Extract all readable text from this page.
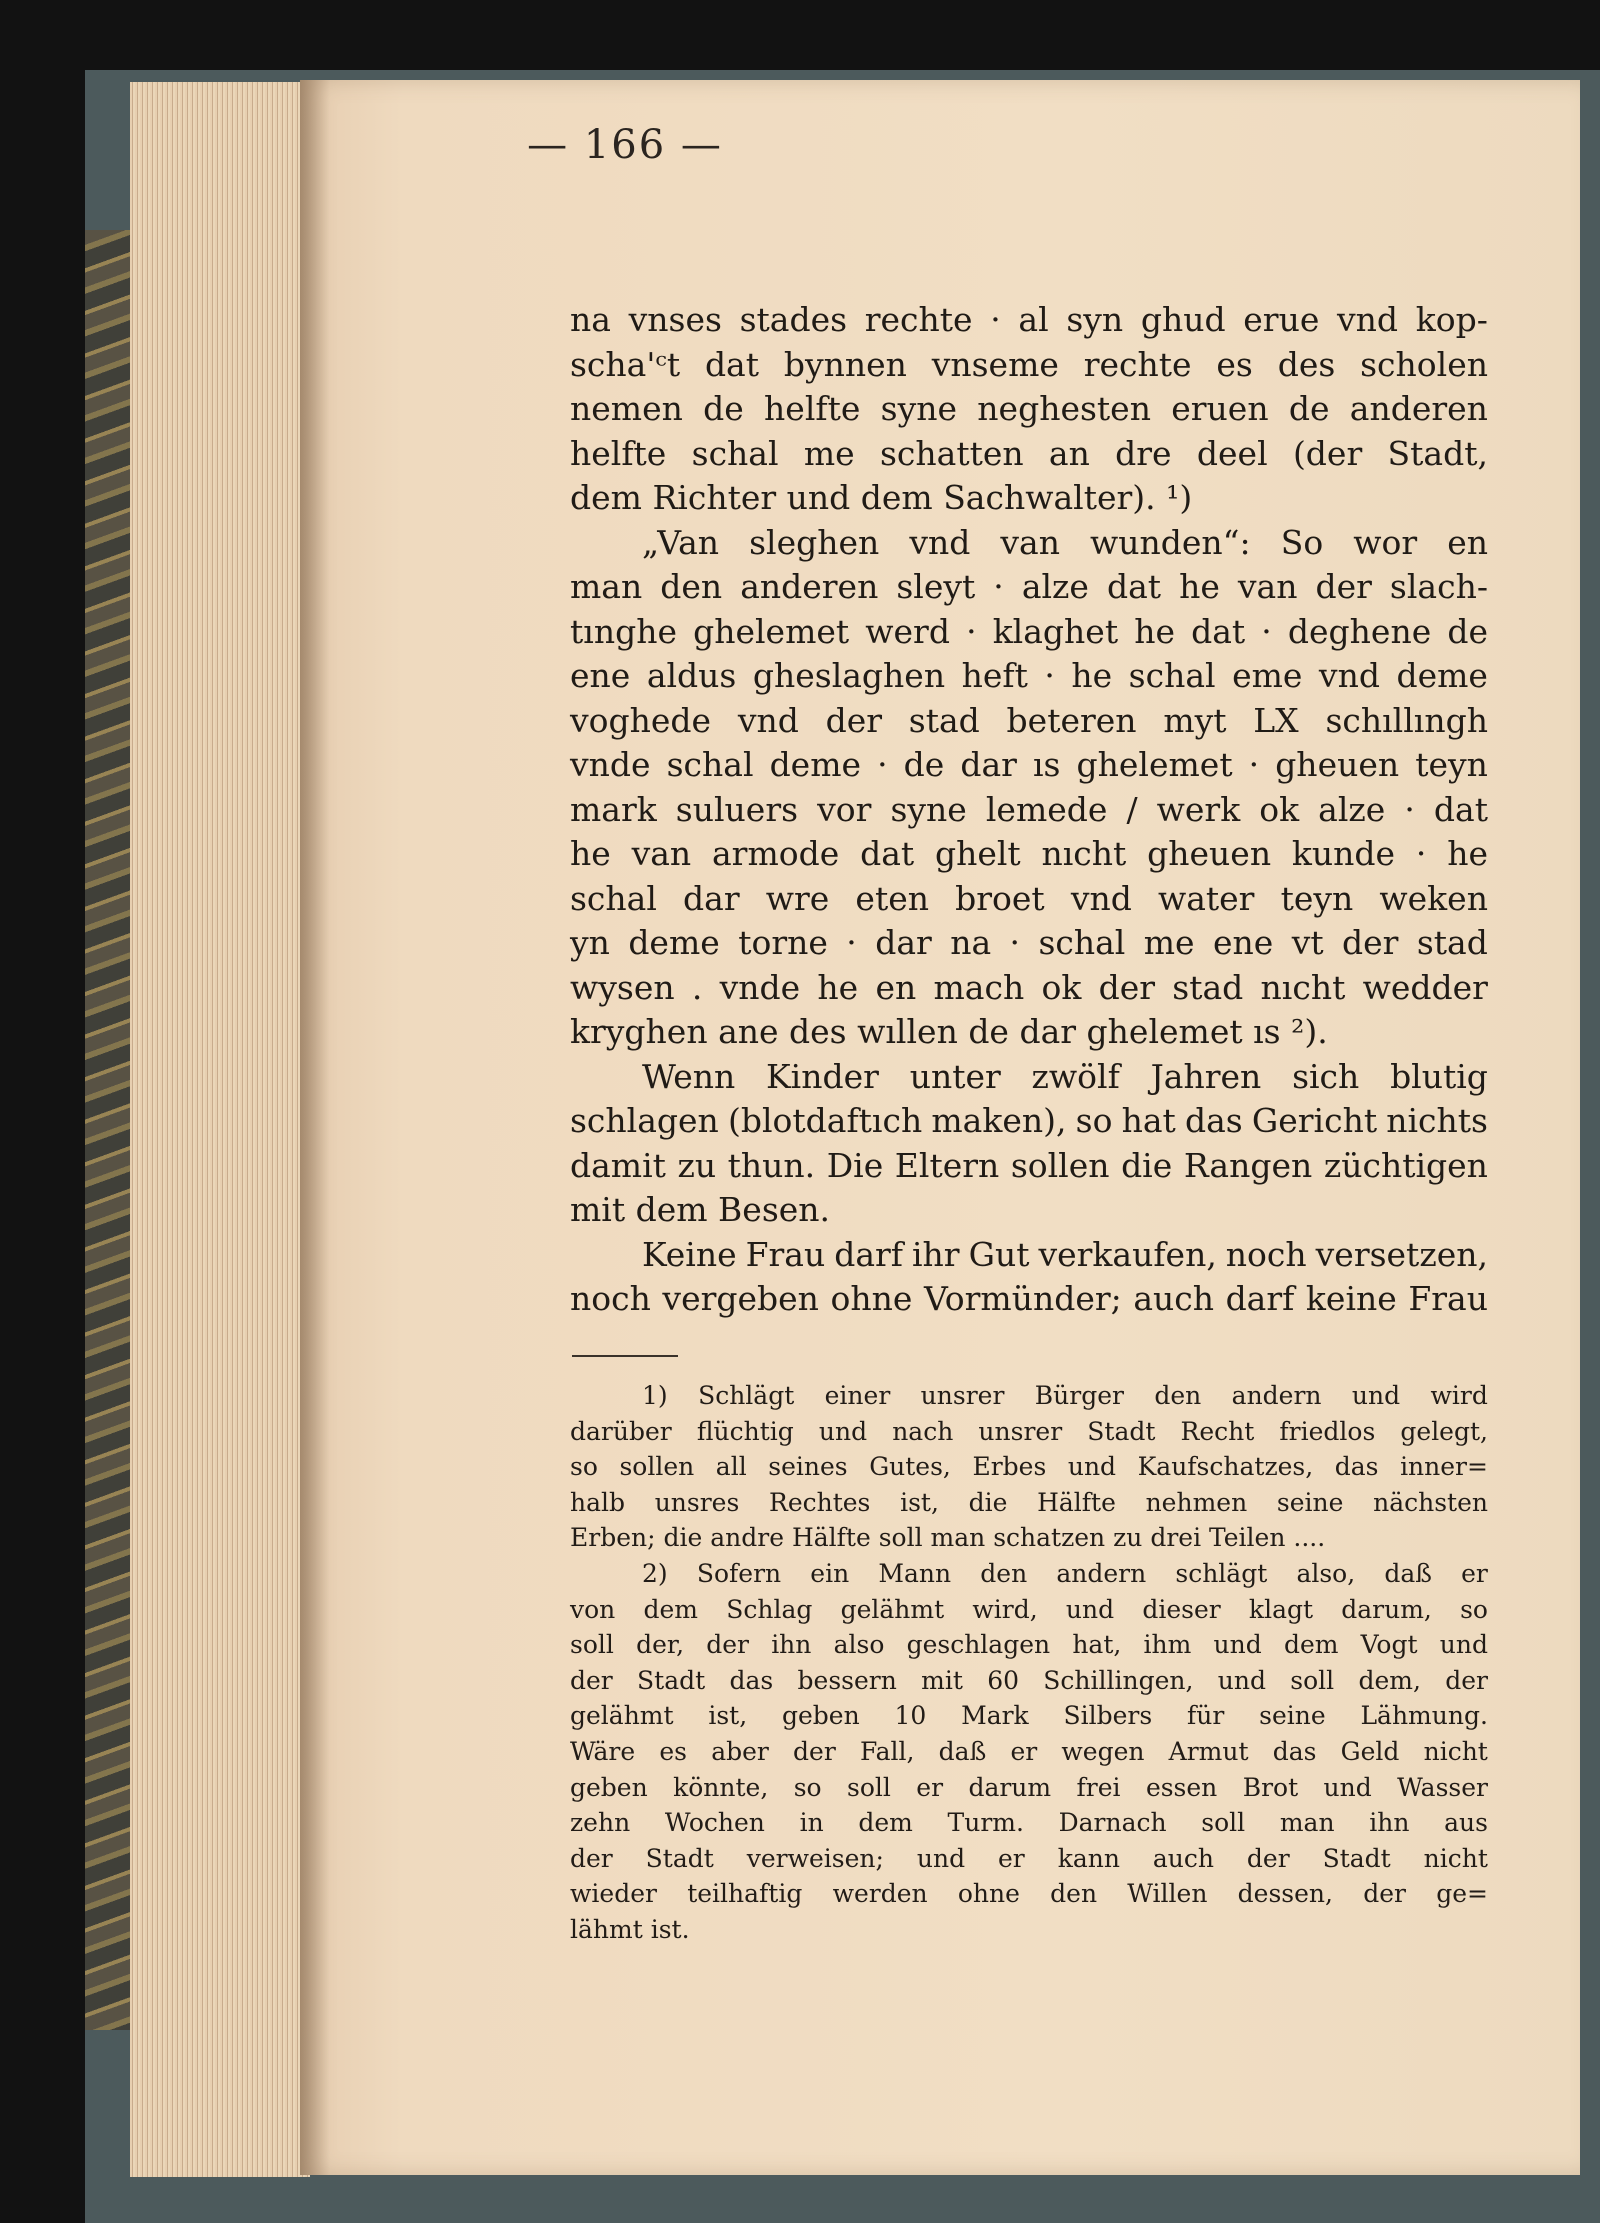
— 166 —
na vnses stades rechte · al syn ghud erue vnd kop-
scha'ᶜt dat bynnen vnseme rechte es des scholen
nemen de helfte syne neghesten eruen de anderen
helfte schal me schatten an dre deel (der Stadt,
dem Richter und dem Sachwalter). ¹)
„Van sleghen vnd van wunden“: So wor en
man den anderen sleyt · alze dat he van der slach-
tınghe ghelemet werd · klaghet he dat · deghene de
ene aldus gheslaghen heft · he schal eme vnd deme
voghede vnd der stad beteren myt LX schıllıngh
vnde schal deme · de dar ıs ghelemet · gheuen teyn
mark suluers vor syne lemede / werk ok alze · dat
he van armode dat ghelt nıcht gheuen kunde · he
schal dar wre eten broet vnd water teyn weken
yn deme torne · dar na · schal me ene vt der stad
wysen . vnde he en mach ok der stad nıcht wedder
kryghen ane des wıllen de dar ghelemet ıs ²).
Wenn Kinder unter zwölf Jahren sich blutig
schlagen (blotdaftıch maken), so hat das Gericht nichts
damit zu thun. Die Eltern sollen die Rangen züchtigen
mit dem Besen.
Keine Frau darf ihr Gut verkaufen, noch versetzen,
noch vergeben ohne Vormünder; auch darf keine Frau
1) Schlägt einer unsrer Bürger den andern und wird
darüber flüchtig und nach unsrer Stadt Recht friedlos gelegt,
so sollen all seines Gutes, Erbes und Kaufschatzes, das inner=
halb unsres Rechtes ist, die Hälfte nehmen seine nächsten
Erben; die andre Hälfte soll man schatzen zu drei Teilen ....
2) Sofern ein Mann den andern schlägt also, daß er
von dem Schlag gelähmt wird, und dieser klagt darum, so
soll der, der ihn also geschlagen hat, ihm und dem Vogt und
der Stadt das bessern mit 60 Schillingen, und soll dem, der
gelähmt ist, geben 10 Mark Silbers für seine Lähmung.
Wäre es aber der Fall, daß er wegen Armut das Geld nicht
geben könnte, so soll er darum frei essen Brot und Wasser
zehn Wochen in dem Turm. Darnach soll man ihn aus
der Stadt verweisen; und er kann auch der Stadt nicht
wieder teilhaftig werden ohne den Willen dessen, der ge=
lähmt ist.
